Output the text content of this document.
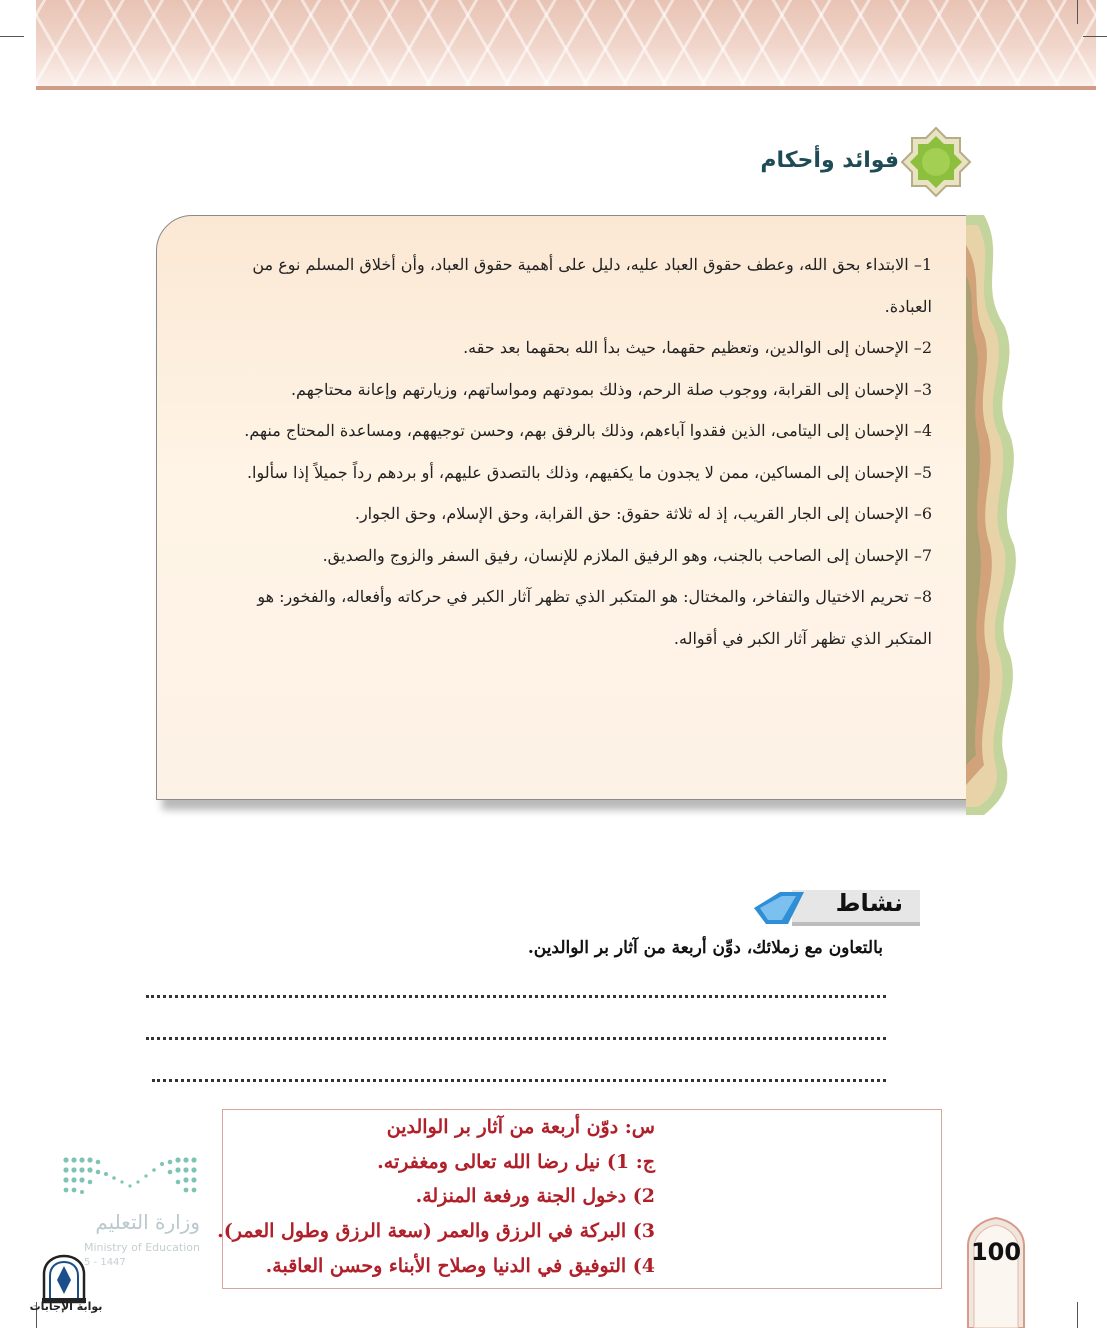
فوائد وأحكام

1– الابتداء بحق الله، وعطف حقوق العباد عليه، دليل على أهمية حقوق العباد، وأن أخلاق المسلم نوع من العبادة.

2– الإحسان إلى الوالدين، وتعظيم حقهما، حيث بدأ الله بحقهما بعد حقه.

3– الإحسان إلى القرابة، ووجوب صلة الرحم، وذلك بمودتهم ومواساتهم، وزيارتهم وإعانة محتاجهم.

4– الإحسان إلى اليتامى، الذين فقدوا آباءهم، وذلك بالرفق بهم، وحسن توجيههم، ومساعدة المحتاج منهم.

5– الإحسان إلى المساكين، ممن لا يجدون ما يكفيهم، وذلك بالتصدق عليهم، أو بردهم رداً جميلاً إذا سألوا.

6– الإحسان إلى الجار القريب، إذ له ثلاثة حقوق: حق القرابة، وحق الإسلام، وحق الجوار.

7– الإحسان إلى الصاحب بالجنب، وهو الرفيق الملازم للإنسان، رفيق السفر والزوج والصديق.

8– تحريم الاختيال والتفاخر، والمختال: هو المتكبر الذي تظهر آثار الكبر في حركاته وأفعاله، والفخور: هو المتكبر الذي تظهر آثار الكبر في أقواله.

نشاط
بالتعاون مع زملائك، دوِّن أربعة من آثار بر الوالدين.
س: دوّن أربعة من آثار بر الوالدين
ج: 1) نيل رضا الله تعالى ومغفرته.
2) دخول الجنة ورفعة المنزلة.
3) البركة في الرزق والعمر (سعة الرزق وطول العمر).
4) التوفيق في الدنيا وصلاح الأبناء وحسن العاقبة.	100
وزارة التعليم
Ministry of Education
5 - 1447
بوابة الإجابات
